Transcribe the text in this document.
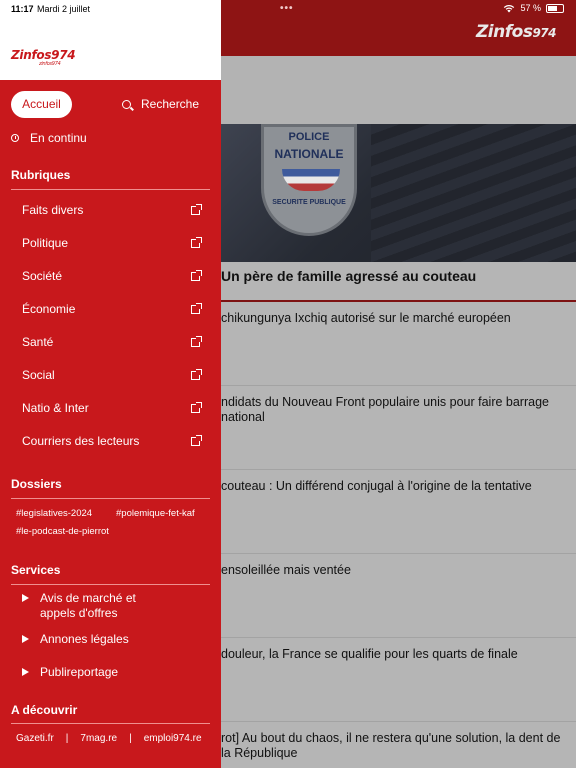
11:17 Mardi 2 juillet	•••	57 %
Zinfos974
POLICE
NATIONALE
SECURITE PUBLIQUE
Un père de famille agressé au couteau
chikungunya Ixchiq autorisé sur le marché européen
ndidats du Nouveau Front populaire unis pour faire barrage national
couteau : Un différend conjugal à l'origine de la tentative
ensoleillée mais ventée
douleur, la France se qualifie pour les quarts de finale
rot] Au bout du chaos, il ne restera qu'une solution, la dent de la République
Zinfos974
zinfos974
Accueil	Recherche
En continu
Rubriques
Faits divers
Politique
Société
Économie
Santé
Social
Natio & Inter
Courriers des lecteurs
Dossiers
#legislatives-2024	#polemique-fet-kaf
#le-podcast-de-pierrot
Services
Avis de marché et appels d'offres
Annones légales
Publireportage
A découvrir
Gazeti.fr | 7mag.re | emploi974.re
